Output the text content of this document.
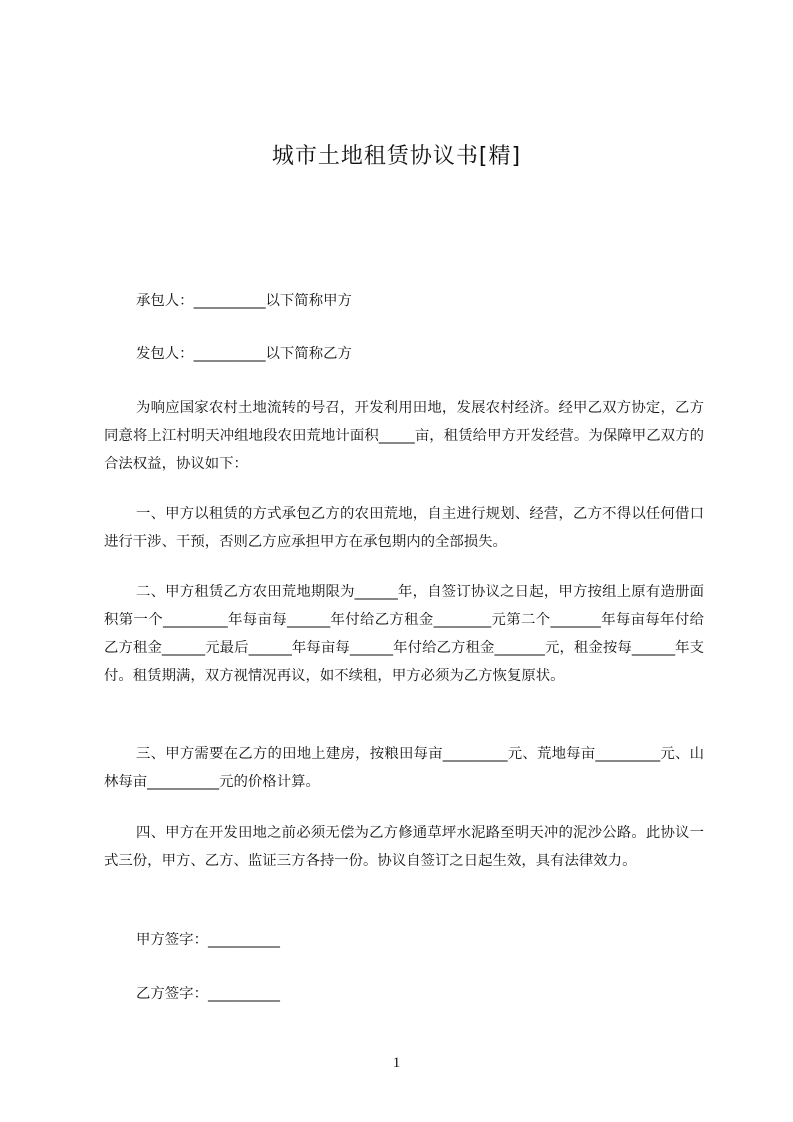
城市土地租赁协议书[精]

承包人：__________以下简称甲方

发包人：__________以下简称乙方

为响应国家农村土地流转的号召，开发利用田地，发展农村经济。经甲乙双方协定，乙方同意将上江村明天冲组地段农田荒地计面积_____亩，租赁给甲方开发经营。为保障甲乙双方的合法权益，协议如下：

一、甲方以租赁的方式承包乙方的农田荒地，自主进行规划、经营，乙方不得以任何借口进行干涉、干预，否则乙方应承担甲方在承包期内的全部损失。

二、甲方租赁乙方农田荒地期限为______年，自签订协议之日起，甲方按组上原有造册面积第一个_________年每亩每______年付给乙方租金________元第二个_______年每亩每年付给乙方租金______元最后______年每亩每______年付给乙方租金_______元，租金按每______年支付。租赁期满，双方视情况再议，如不续租，甲方必须为乙方恢复原状。

三、甲方需要在乙方的田地上建房，按粮田每亩_________元、荒地每亩_________元、山林每亩__________元的价格计算。

四、甲方在开发田地之前必须无偿为乙方修通草坪水泥路至明天冲的泥沙公路。此协议一式三份，甲方、乙方、监证三方各持一份。协议自签订之日起生效，具有法律效力。

甲方签字：__________

乙方签字：__________

1
